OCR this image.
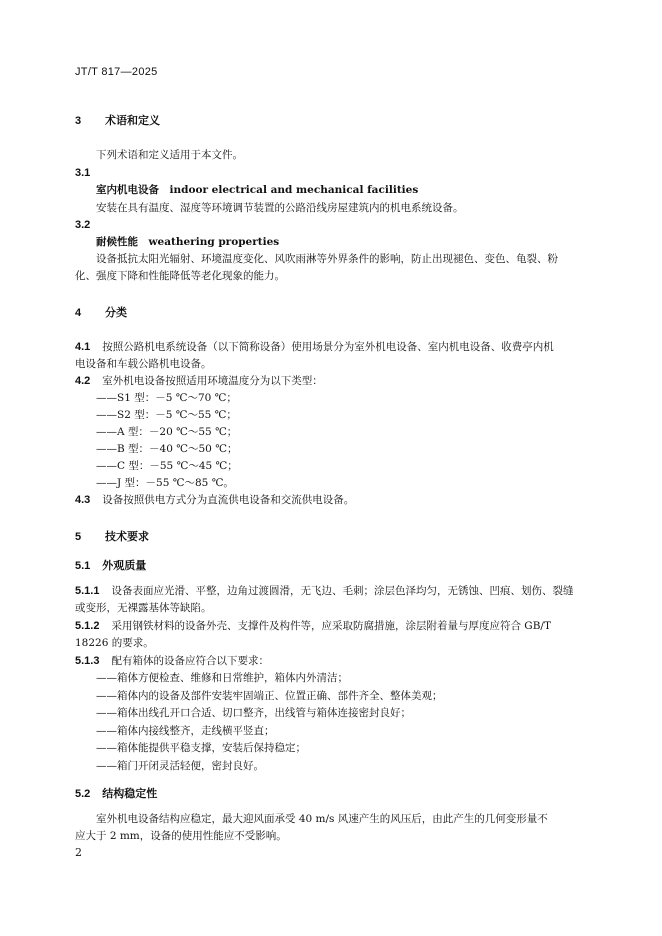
JT/T 817—2025
3 术语和定义
下列术语和定义适用于本文件。
3.1
室内机电设备　indoor electrical and mechanical facilities
安装在具有温度、湿度等环境调节装置的公路沿线房屋建筑内的机电系统设备。
3.2
耐候性能　weathering properties
设备抵抗太阳光辐射、环境温度变化、风吹雨淋等外界条件的影响，防止出现褪色、变色、龟裂、粉
化、强度下降和性能降低等老化现象的能力。
4 分类
4.1 按照公路机电系统设备（以下简称设备）使用场景分为室外机电设备、室内机电设备、收费亭内机
电设备和车载公路机电设备。
4.2 室外机电设备按照适用环境温度分为以下类型：
——S1 型：－5 ℃～70 ℃；
——S2 型：－5 ℃～55 ℃；
——A 型：－20 ℃～55 ℃；
——B 型：－40 ℃～50 ℃；
——C 型：－55 ℃～45 ℃；
——J 型：－55 ℃～85 ℃。
4.3 设备按照供电方式分为直流供电设备和交流供电设备。
5 技术要求
5.1 外观质量
5.1.1 设备表面应光滑、平整，边角过渡圆滑，无飞边、毛刺；涂层色泽均匀，无锈蚀、凹痕、划伤、裂缝
或变形，无裸露基体等缺陷。
5.1.2 采用钢铁材料的设备外壳、支撑件及构件等，应采取防腐措施，涂层附着量与厚度应符合 GB/T
18226 的要求。
5.1.3 配有箱体的设备应符合以下要求：
——箱体方便检查、维修和日常维护，箱体内外清洁；
——箱体内的设备及部件安装牢固端正、位置正确、部件齐全、整体美观；
——箱体出线孔开口合适、切口整齐，出线管与箱体连接密封良好；
——箱体内接线整齐，走线横平竖直；
——箱体能提供平稳支撑，安装后保持稳定；
——箱门开闭灵活轻便，密封良好。
5.2 结构稳定性
室外机电设备结构应稳定，最大迎风面承受 40 m/s 风速产生的风压后，由此产生的几何变形量不
应大于 2 mm，设备的使用性能应不受影响。
2
